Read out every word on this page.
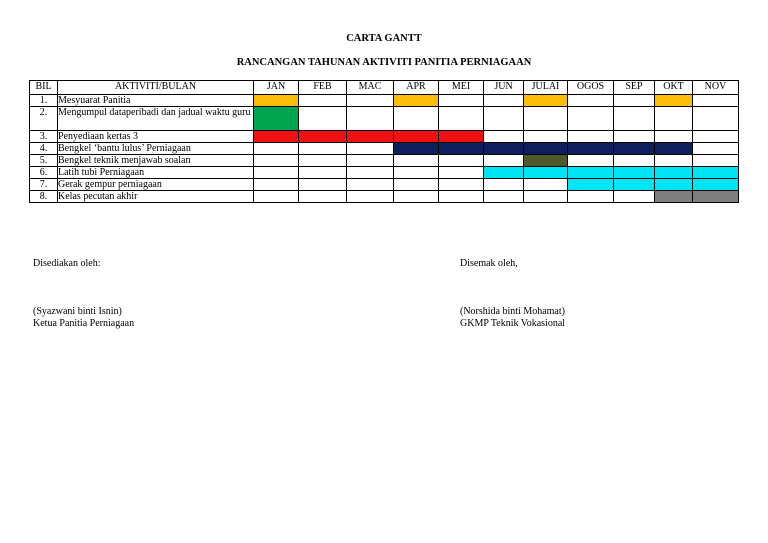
CARTA GANTT
RANCANGAN TAHUNAN AKTIVITI PANITIA PERNIAGAAN
BIL	AKTIVITI/BULAN	JAN	FEB	MAC	APR	MEI	JUN	JULAI	OGOS	SEP	OKT	NOV
1.	Mesyuarat Panitia											
2.	Mengumpul dataperibadi dan jadual waktu guru											
3.	Penyediaan kertas 3											
4.	Bengkel ‘bantu lulus’ Perniagaan											
5.	Bengkel teknik menjawab soalan											
6.	Latih tubi Perniagaan											
7.	Gerak gempur perniagaan											
8.	Kelas pecutan akhir											
Disediakan oleh:
(Syazwani binti Isnin)
Ketua Panitia Perniagaan
Disemak oleh,
(Norshida binti Mohamat)
GKMP Teknik Vokasional
